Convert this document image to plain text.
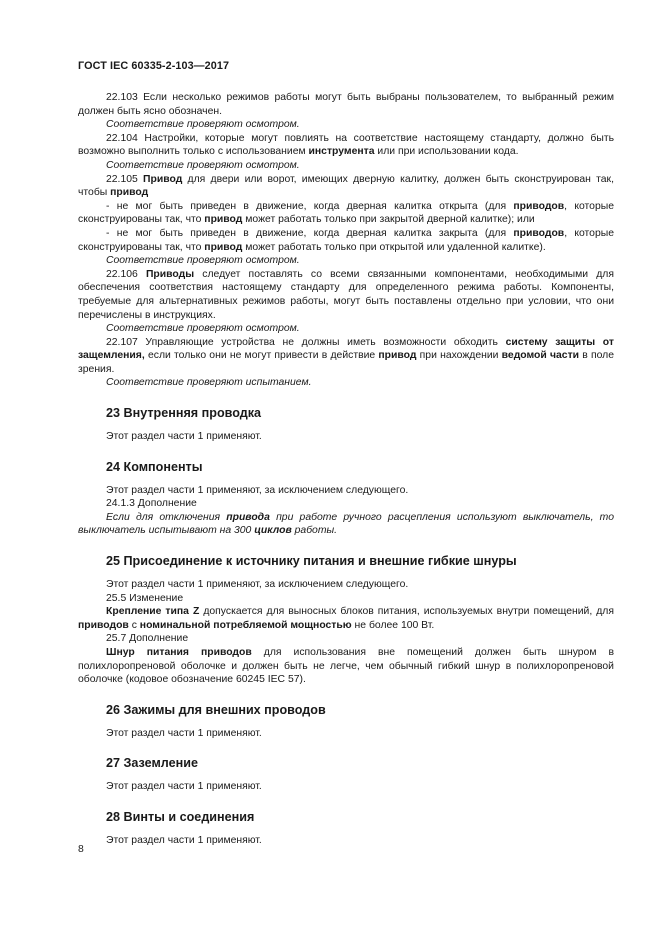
ГОСТ IEC 60335-2-103—2017

22.103 Если несколько режимов работы могут быть выбраны пользователем, то выбранный режим должен быть ясно обозначен.

Соответствие проверяют осмотром.

22.104 Настройки, которые могут повлиять на соответствие настоящему стандарту, должно быть возможно выполнить только с использованием инструмента или при использовании кода.

Соответствие проверяют осмотром.

22.105 Привод для двери или ворот, имеющих дверную калитку, должен быть сконструирован так, чтобы привод

- не мог быть приведен в движение, когда дверная калитка открыта (для приводов, которые сконструированы так, что привод может работать только при закрытой дверной калитке); или

- не мог быть приведен в движение, когда дверная калитка закрыта (для приводов, которые сконструированы так, что привод может работать только при открытой или удаленной калитке).

Соответствие проверяют осмотром.

22.106 Приводы следует поставлять со всеми связанными компонентами, необходимыми для обеспечения соответствия настоящему стандарту для определенного режима работы. Компоненты, требуемые для альтернативных режимов работы, могут быть поставлены отдельно при условии, что они перечислены в инструкциях.

Соответствие проверяют осмотром.

22.107 Управляющие устройства не должны иметь возможности обходить систему защиты от защемления, если только они не могут привести в действие привод при нахождении ведомой части в поле зрения.

Соответствие проверяют испытанием.

23 Внутренняя проводка

Этот раздел части 1 применяют.

24 Компоненты

Этот раздел части 1 применяют, за исключением следующего.

24.1.3 Дополнение

Если для отключения привода при работе ручного расцепления используют выключатель, то выключатель испытывают на 300 циклов работы.

25 Присоединение к источнику питания и внешние гибкие шнуры

Этот раздел части 1 применяют, за исключением следующего.

25.5 Изменение

Крепление типа Z допускается для выносных блоков питания, используемых внутри помещений, для приводов с номинальной потребляемой мощностью не более 100 Вт.

25.7 Дополнение

Шнур питания приводов для использования вне помещений должен быть шнуром в полихлоропреновой оболочке и должен быть не легче, чем обычный гибкий шнур в полихлоропреновой оболочке (кодовое обозначение 60245 IEC 57).

26 Зажимы для внешних проводов

Этот раздел части 1 применяют.

27 Заземление

Этот раздел части 1 применяют.

28 Винты и соединения

Этот раздел части 1 применяют.

8
